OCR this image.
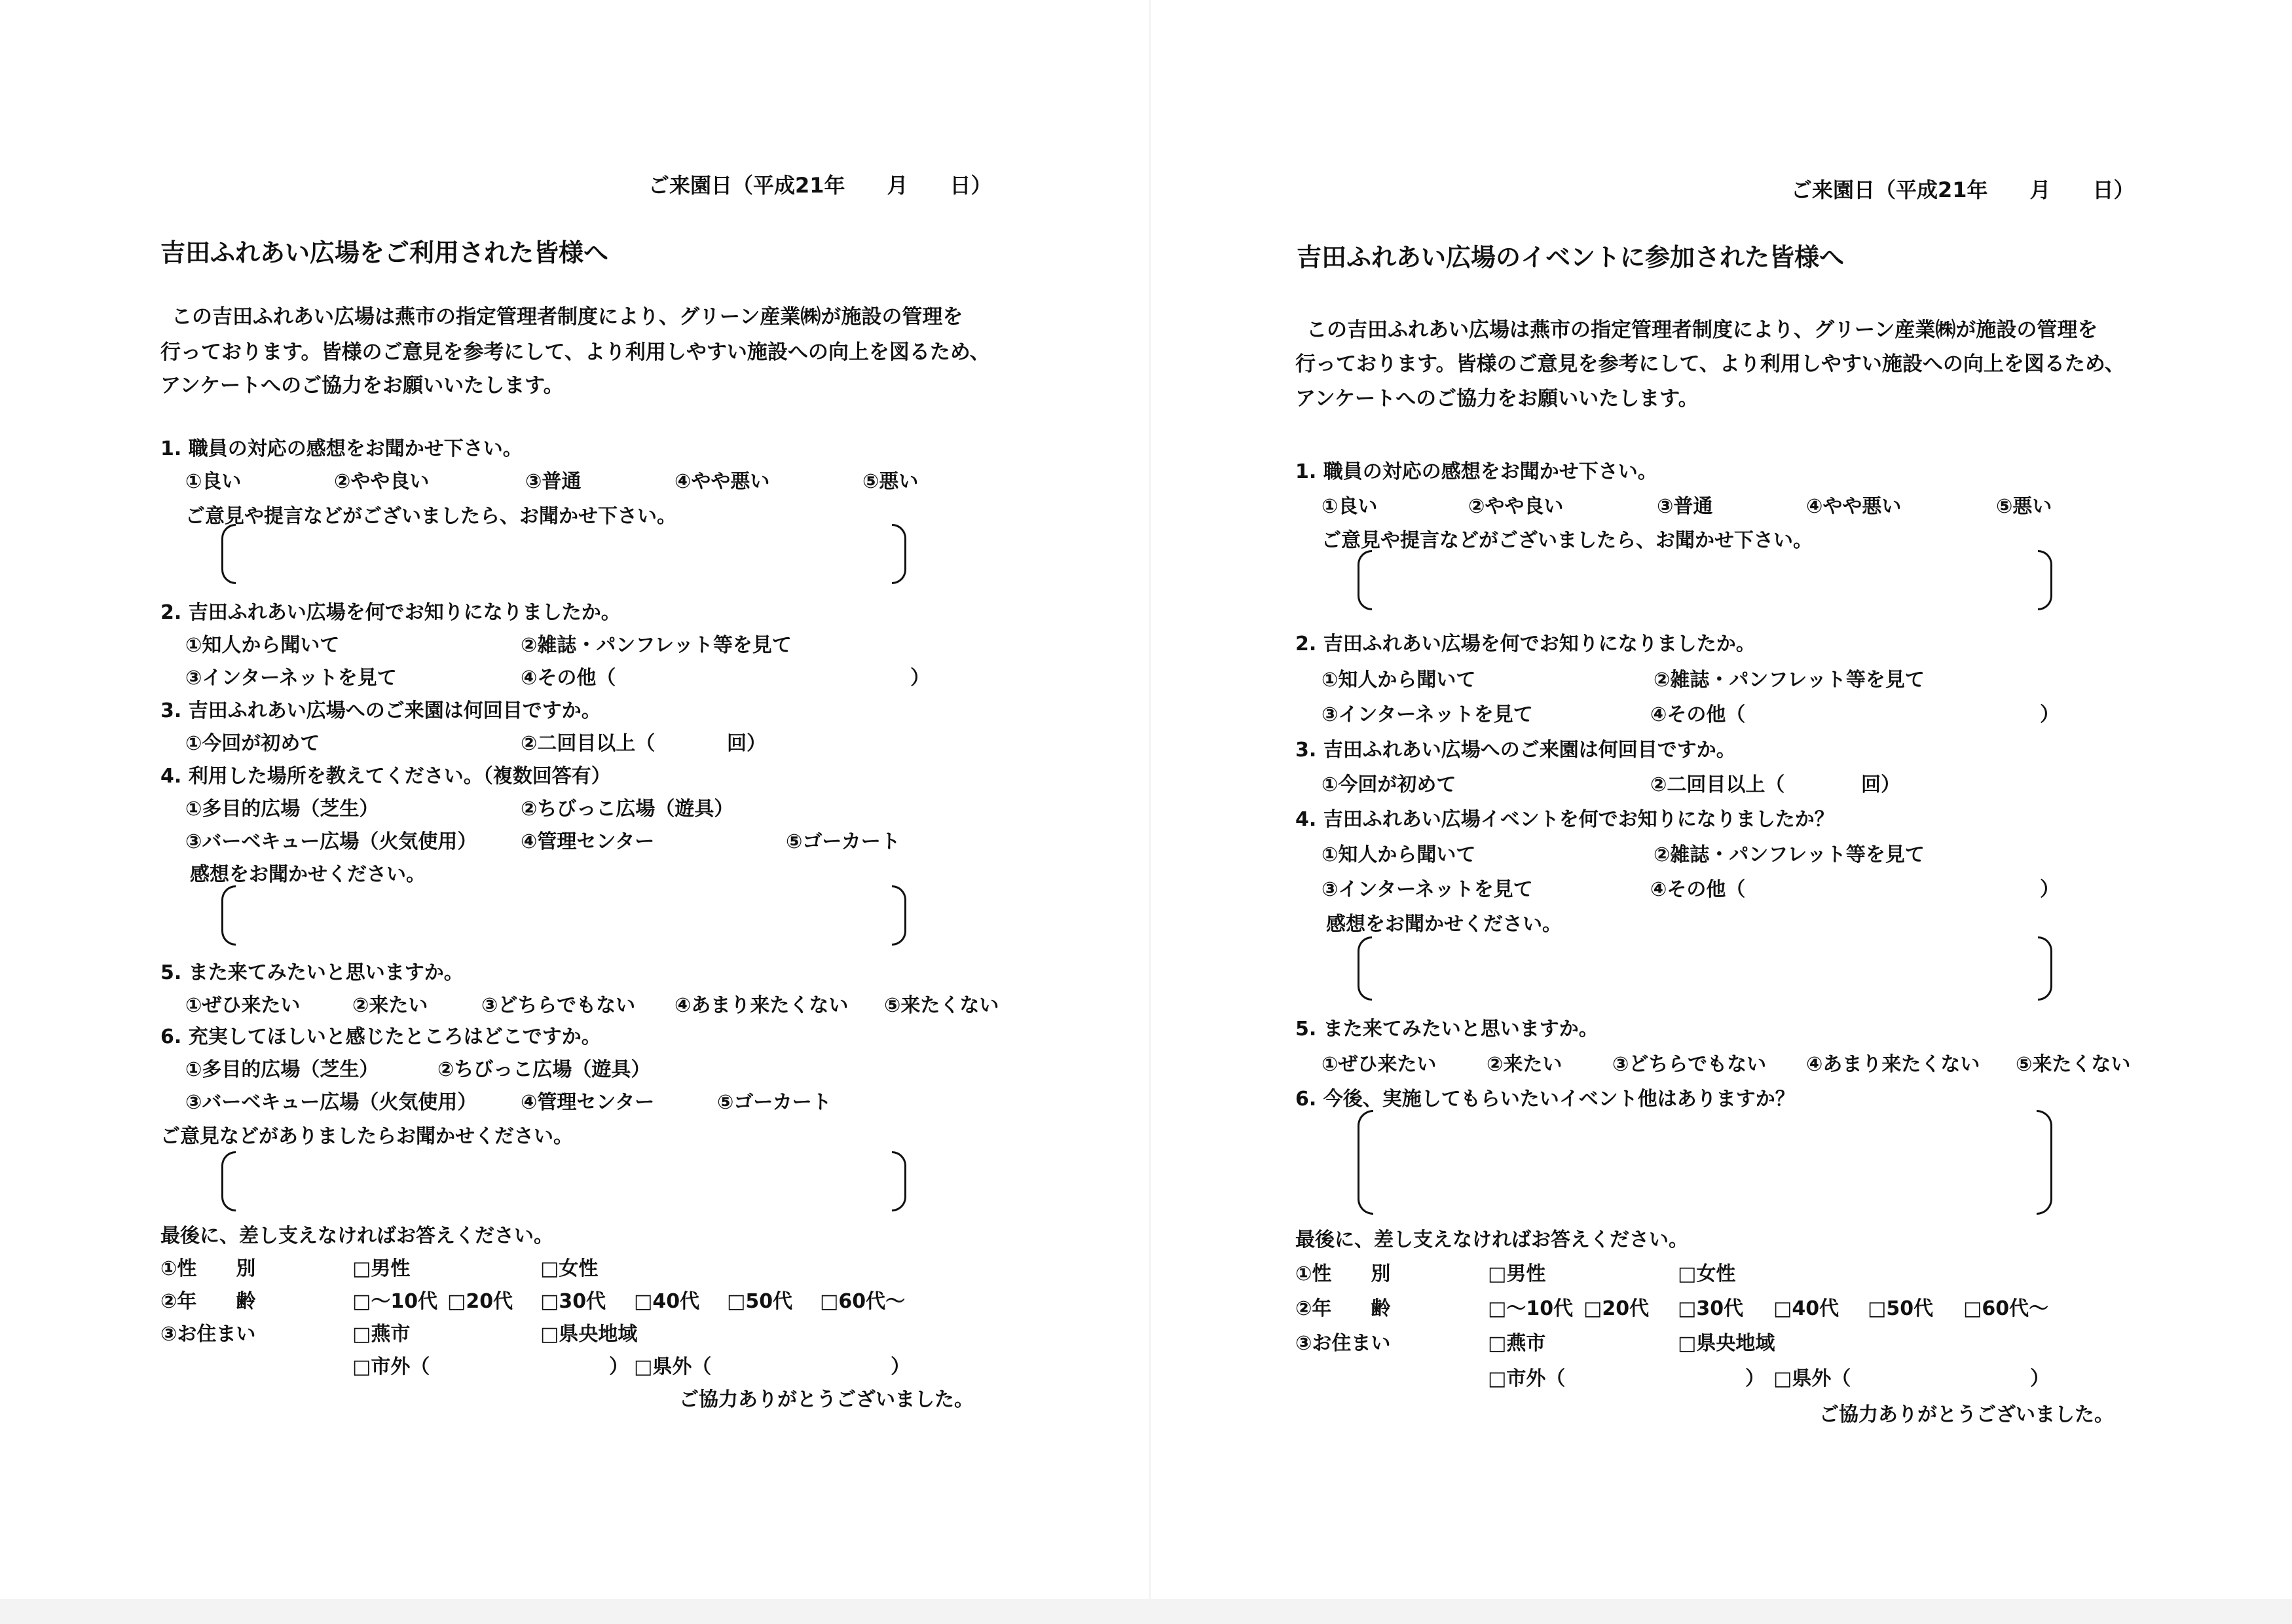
ご来園日（平成21年　　月　　日）
吉田ふれあい広場をご利用された皆様へ
この吉田ふれあい広場は燕市の指定管理者制度により、グリーン産業㈱が施設の管理を
行っております。皆様のご意見を参考にして、より利用しやすい施設への向上を図るため、
アンケートへのご協力をお願いいたします。
1. 職員の対応の感想をお聞かせ下さい。
①良い	②やや良い	③普通	④やや悪い	⑤悪い
ご意見や提言などがございましたら、お聞かせ下さい。
2. 吉田ふれあい広場を何でお知りになりましたか。
①知人から聞いて	②雑誌・パンフレット等を見て
③インターネットを見て	④その他（	）
3. 吉田ふれあい広場へのご来園は何回目ですか。
①今回が初めて	②二回目以上（	回）
4. 利用した場所を教えてください。（複数回答有）
①多目的広場（芝生）	②ちびっこ広場（遊具）
③バーベキュー広場（火気使用） ④管理センター	⑤ゴーカート
感想をお聞かせください。
5. また来てみたいと思いますか。
①ぜひ来たい	②来たい	③どちらでもない ④あまり来たくない ⑤来たくない
6. 充実してほしいと感じたところはどこですか。
①多目的広場（芝生）	②ちびっこ広場（遊具）
③バーベキュー広場（火気使用） ④管理センター	⑤ゴーカート
ご意見などがありましたらお聞かせください。
最後に、差し支えなければお答えください。
①性　　別	□男性	□女性
②年　　齢	□～10代 □20代 □30代 □40代 □50代 □60代～
③お住まい	□燕市	□県央地域
□市外（	） □県外（	）
ご協力ありがとうございました。
ご来園日（平成21年　　月　　日）
吉田ふれあい広場のイベントに参加された皆様へ
この吉田ふれあい広場は燕市の指定管理者制度により、グリーン産業㈱が施設の管理を
行っております。皆様のご意見を参考にして、より利用しやすい施設への向上を図るため、
アンケートへのご協力をお願いいたします。
1. 職員の対応の感想をお聞かせ下さい。
①良い	②やや良い	③普通	④やや悪い	⑤悪い
ご意見や提言などがございましたら、お聞かせ下さい。
2. 吉田ふれあい広場を何でお知りになりましたか。
①知人から聞いて	②雑誌・パンフレット等を見て
③インターネットを見て	④その他（	）
3. 吉田ふれあい広場へのご来園は何回目ですか。
①今回が初めて	②二回目以上（	回）
4. 吉田ふれあい広場イベントを何でお知りになりましたか？
①知人から聞いて	②雑誌・パンフレット等を見て
③インターネットを見て	④その他（	）
感想をお聞かせください。
5. また来てみたいと思いますか。
①ぜひ来たい	②来たい	③どちらでもない ④あまり来たくない ⑤来たくない
6. 今後、実施してもらいたいイベント他はありますか？
最後に、差し支えなければお答えください。
①性　　別	□男性	□女性
②年　　齢	□～10代 □20代 □30代 □40代 □50代 □60代～
③お住まい	□燕市	□県央地域
□市外（	） □県外（	）
ご協力ありがとうございました。
